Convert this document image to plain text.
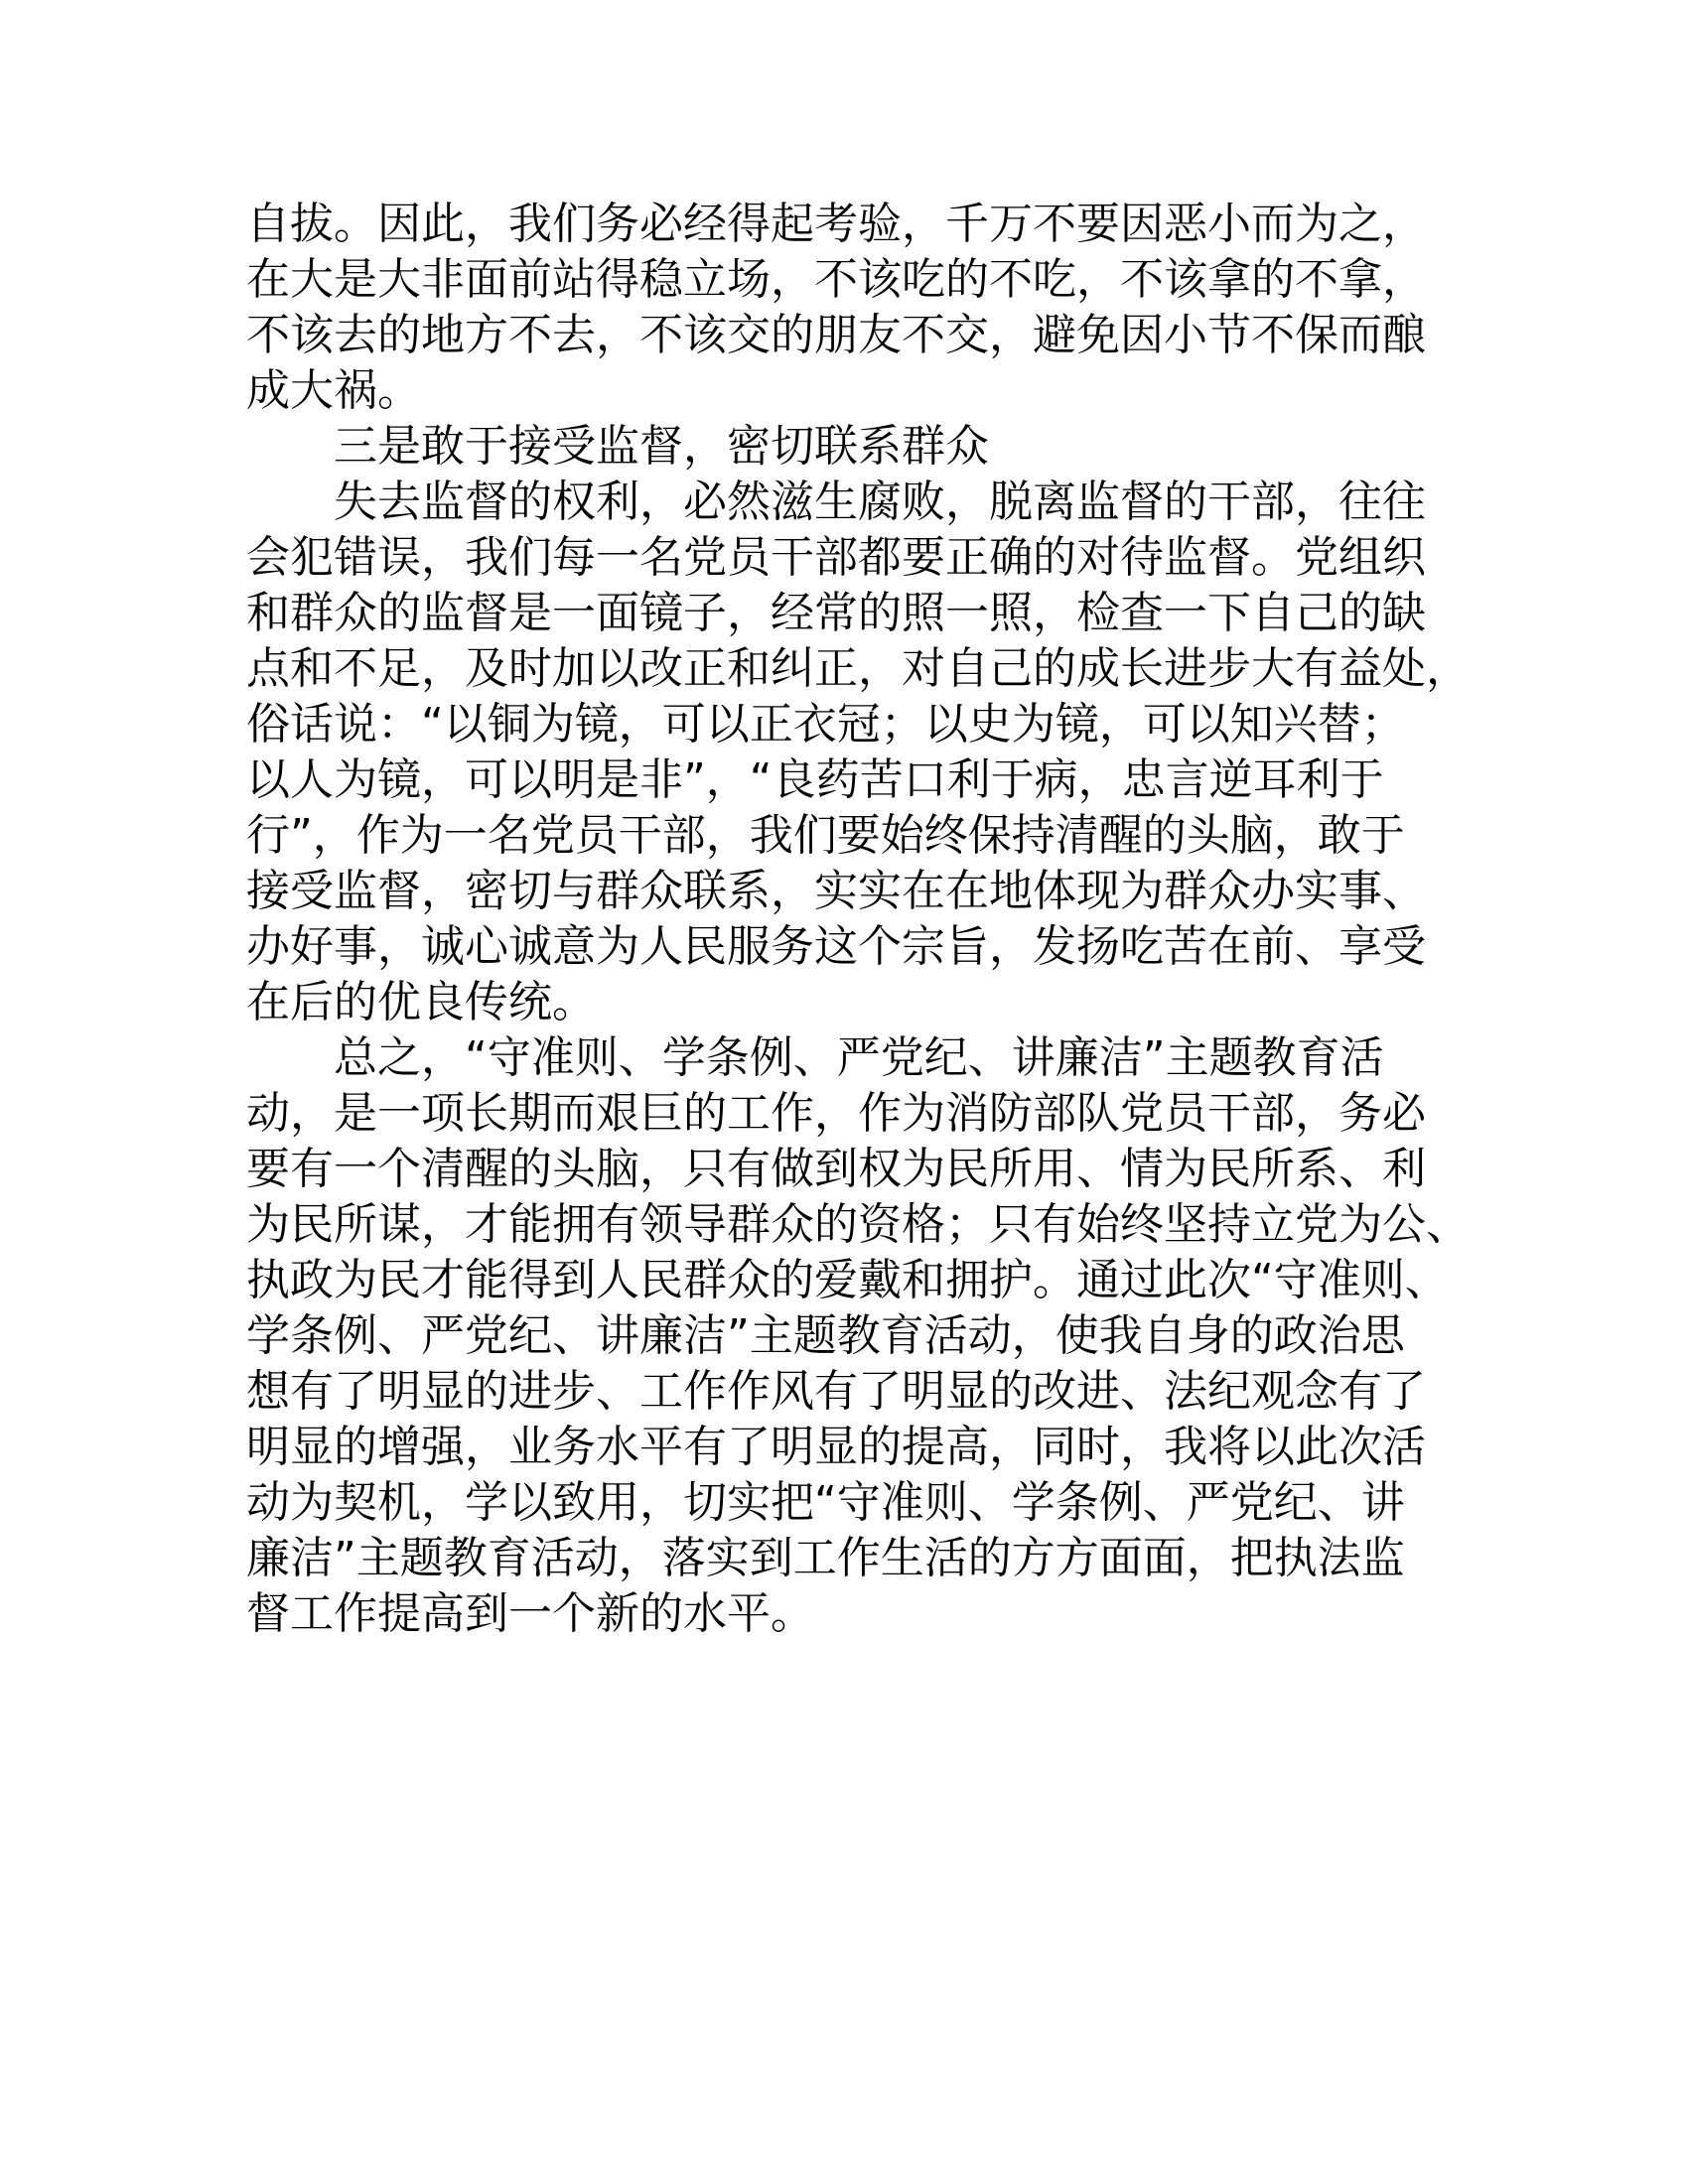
自拔。因此，我们务必经得起考验，千万不要因恶小而为之，
在大是大非面前站得稳立场，不该吃的不吃，不该拿的不拿，
不该去的地方不去，不该交的朋友不交，避免因小节不保而酿
成大祸。
　　三是敢于接受监督，密切联系群众
　　失去监督的权利，必然滋生腐败，脱离监督的干部，往往
会犯错误，我们每一名党员干部都要正确的对待监督。党组织
和群众的监督是一面镜子，经常的照一照，检查一下自己的缺
点和不足，及时加以改正和纠正，对自己的成长进步大有益处，
俗话说：“以铜为镜，可以正衣冠；以史为镜，可以知兴替；
以人为镜，可以明是非”，“良药苦口利于病，忠言逆耳利于
行”，作为一名党员干部，我们要始终保持清醒的头脑，敢于
接受监督，密切与群众联系，实实在在地体现为群众办实事、
办好事，诚心诚意为人民服务这个宗旨，发扬吃苦在前、享受
在后的优良传统。
　　总之，“守准则、学条例、严党纪、讲廉洁”主题教育活
动，是一项长期而艰巨的工作，作为消防部队党员干部，务必
要有一个清醒的头脑，只有做到权为民所用、情为民所系、利
为民所谋，才能拥有领导群众的资格；只有始终坚持立党为公、
执政为民才能得到人民群众的爱戴和拥护。通过此次“守准则、
学条例、严党纪、讲廉洁”主题教育活动，使我自身的政治思
想有了明显的进步、工作作风有了明显的改进、法纪观念有了
明显的增强，业务水平有了明显的提高，同时，我将以此次活
动为契机，学以致用，切实把“守准则、学条例、严党纪、讲
廉洁”主题教育活动，落实到工作生活的方方面面，把执法监
督工作提高到一个新的水平。
